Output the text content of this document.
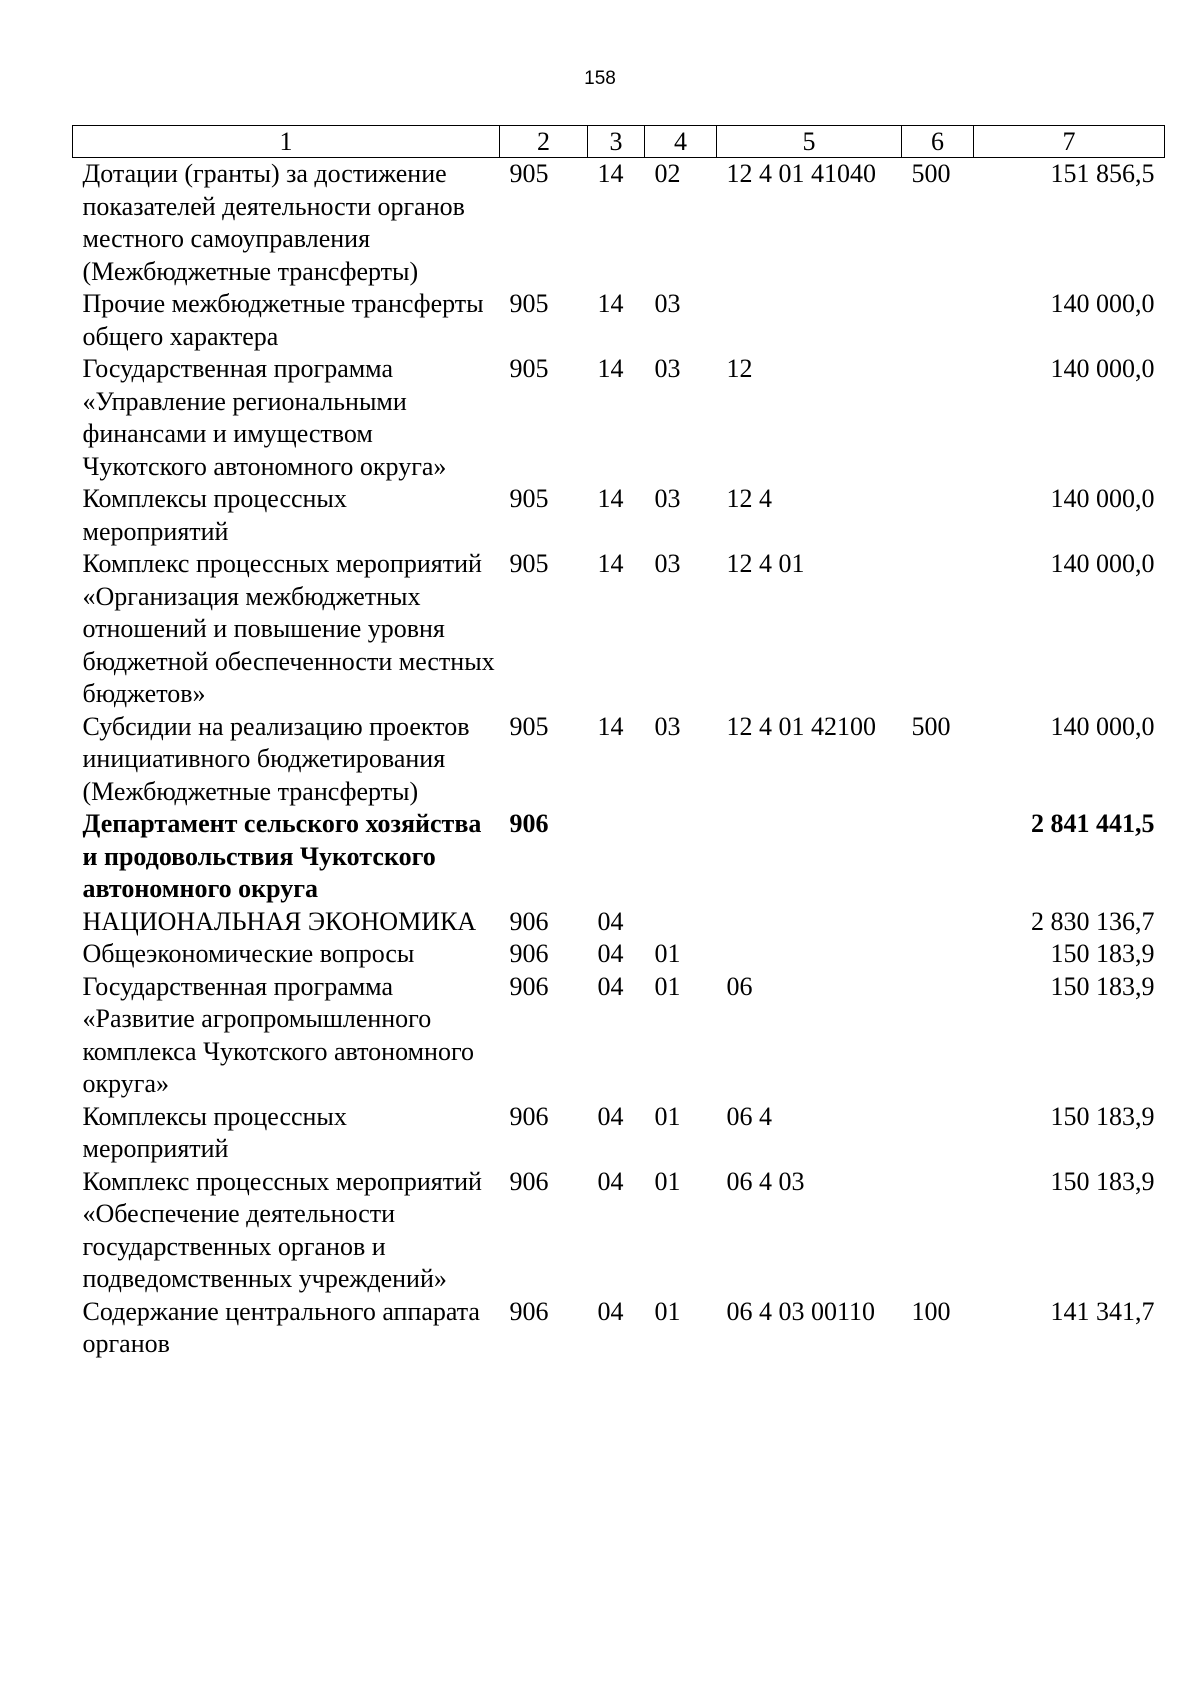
158
1	2	3	4	5	6	7
Дотации (гранты) за достижение показателей деятельности органов местного самоуправления (Межбюджетные трансферты)	905	14	02	12 4 01 41040	500	151 856,5
Прочие межбюджетные трансферты общего характера	905	14	03			140 000,0
Государственная программа «Управление региональными финансами и имуществом Чукотского автономного округа»	905	14	03	12		140 000,0
Комплексы процессных мероприятий	905	14	03	12 4		140 000,0
Комплекс процессных мероприятий «Организация межбюджетных отношений и повышение уровня бюджетной обеспеченности местных бюджетов»	905	14	03	12 4 01		140 000,0
Субсидии на реализацию проектов инициативного бюджетирования (Межбюджетные трансферты)	905	14	03	12 4 01 42100	500	140 000,0
Департамент сельского хозяйства и продовольствия Чукотского автономного округа	906					2 841 441,5
НАЦИОНАЛЬНАЯ ЭКОНОМИКА	906	04				2 830 136,7
Общеэкономические вопросы	906	04	01			150 183,9
Государственная программа «Развитие агропромышленного комплекса Чукотского автономного округа»	906	04	01	06		150 183,9
Комплексы процессных мероприятий	906	04	01	06 4		150 183,9
Комплекс процессных мероприятий «Обеспечение деятельности государственных органов и подведомственных учреждений»	906	04	01	06 4 03		150 183,9
Содержание центрального аппарата органов	906	04	01	06 4 03 00110	100	141 341,7
